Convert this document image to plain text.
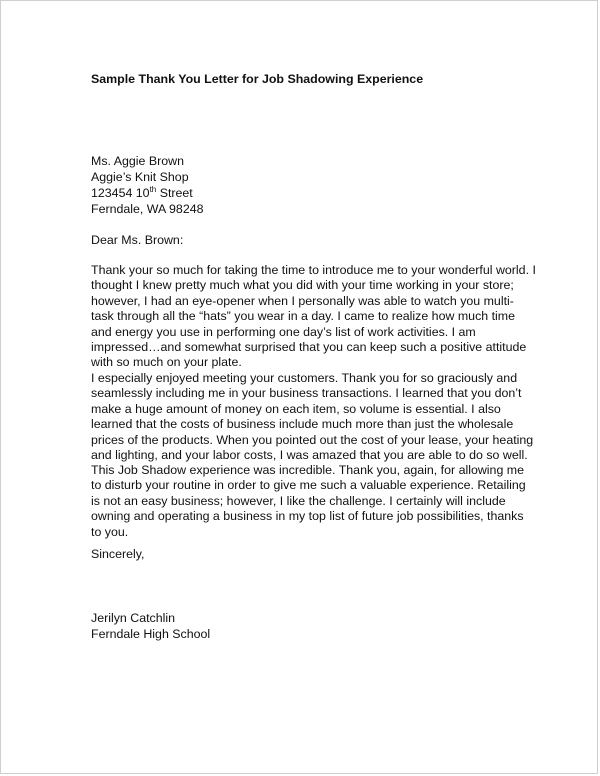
Sample Thank You Letter for Job Shadowing Experience
Ms. Aggie Brown
Aggie’s Knit Shop
123454 10th Street
Ferndale, WA 98248
Dear Ms. Brown:
Thank your so much for taking the time to introduce me to your wonderful world. I
thought I knew pretty much what you did with your time working in your store;
however, I had an eye-opener when I personally was able to watch you multi-
task through all the “hats” you wear in a day. I came to realize how much time
and energy you use in performing one day’s list of work activities. I am
impressed…and somewhat surprised that you can keep such a positive attitude
with so much on your plate.
I especially enjoyed meeting your customers. Thank you for so graciously and
seamlessly including me in your business transactions. I learned that you don’t
make a huge amount of money on each item, so volume is essential. I also
learned that the costs of business include much more than just the wholesale
prices of the products. When you pointed out the cost of your lease, your heating
and lighting, and your labor costs, I was amazed that you are able to do so well.
This Job Shadow experience was incredible. Thank you, again, for allowing me
to disturb your routine in order to give me such a valuable experience. Retailing
is not an easy business; however, I like the challenge. I certainly will include
owning and operating a business in my top list of future job possibilities, thanks
to you.
Sincerely,
Jerilyn Catchlin
Ferndale High School
